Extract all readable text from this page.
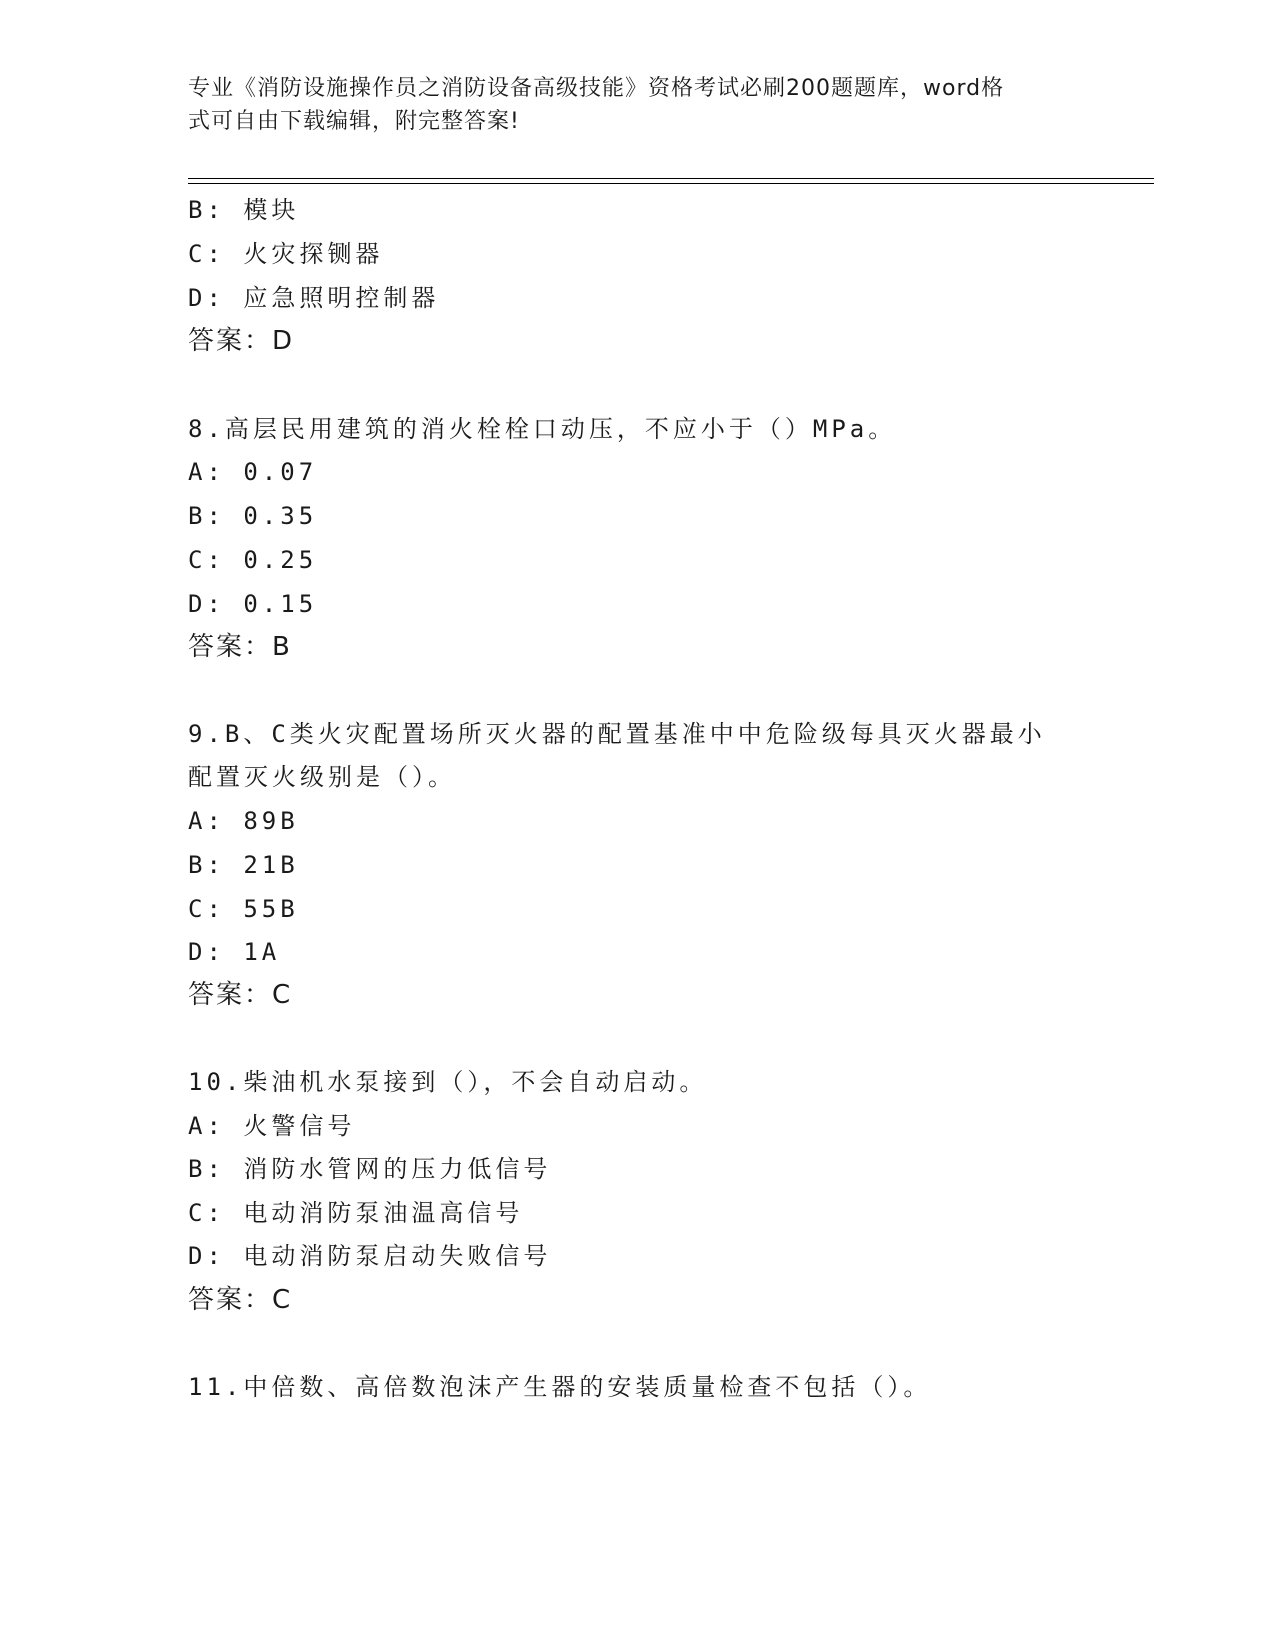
专业《消防设施操作员之消防设备高级技能》资格考试必刷200题题库，word格
式可自由下载编辑，附完整答案!
B: 模块
C: 火灾探铡器
D: 应急照明控制器
答案：D
8.高层民用建筑的消火栓栓口动压，不应小于（）MPa。
A: 0.07
B: 0.35
C: 0.25
D: 0.15
答案：B
9.B、C类火灾配置场所灭火器的配置基准中中危险级每具灭火器最小
配置灭火级别是（）。
A: 89B
B: 21B
C: 55B
D: 1A
答案：C
10.柴油机水泵接到（），不会自动启动。
A: 火警信号
B: 消防水管网的压力低信号
C: 电动消防泵油温高信号
D: 电动消防泵启动失败信号
答案：C
11.中倍数、高倍数泡沫产生器的安装质量检查不包括（）。
